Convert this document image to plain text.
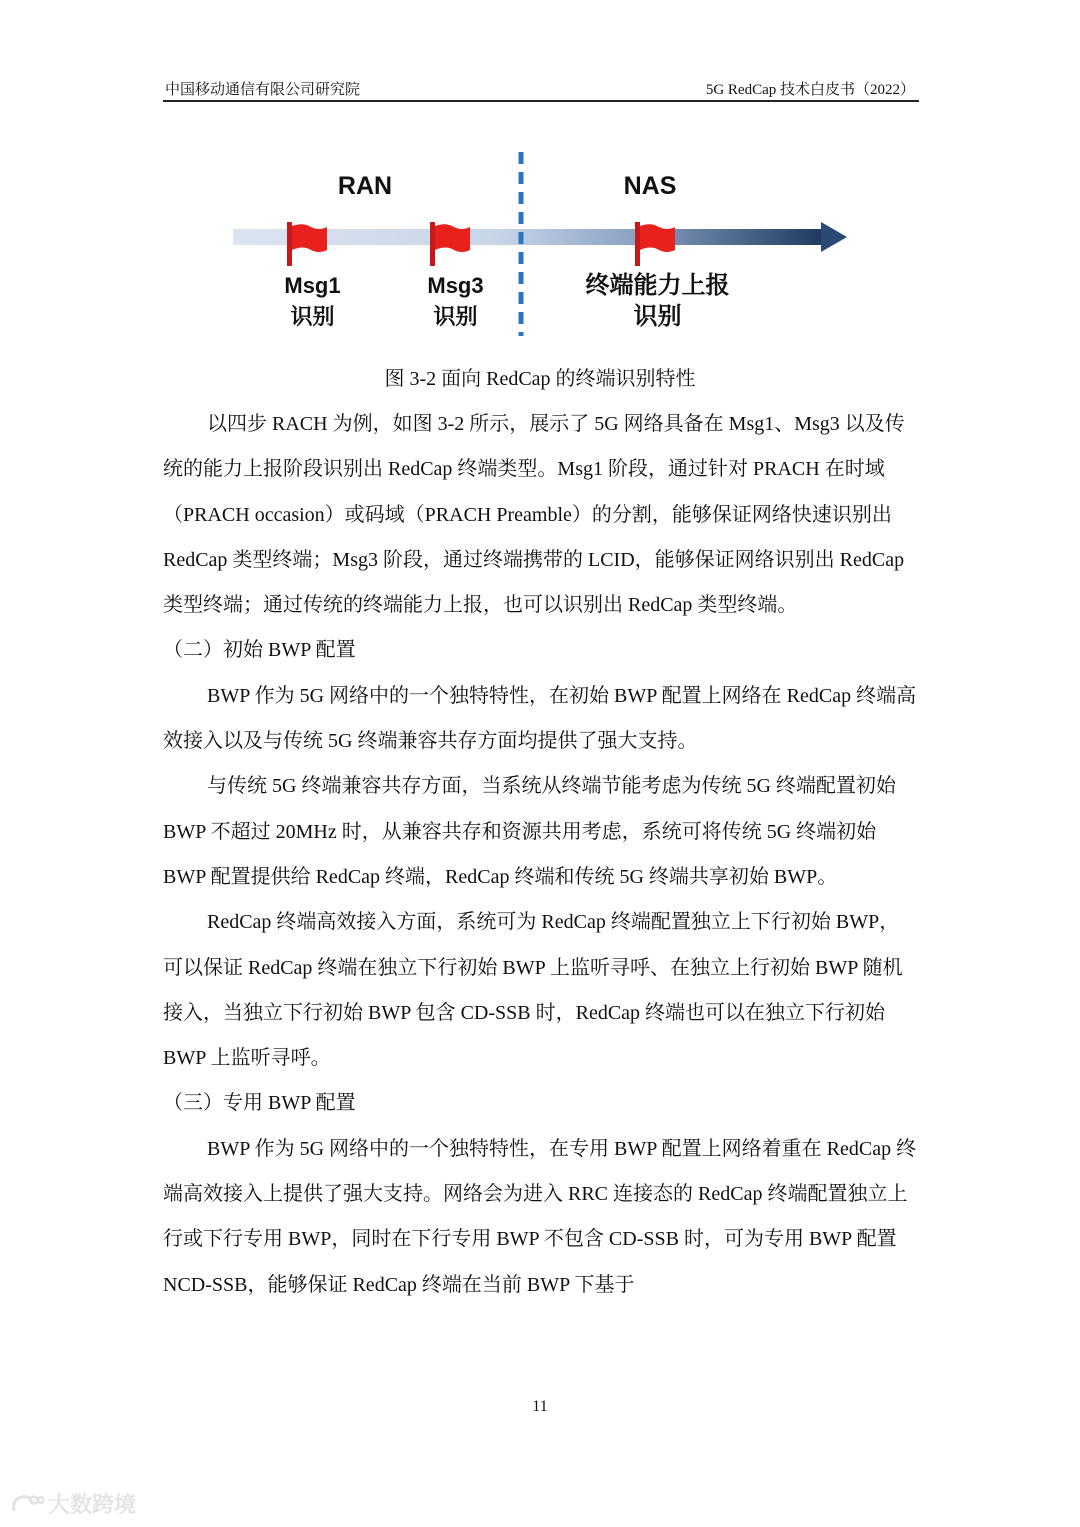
中国移动通信有限公司研究院	5G RedCap 技术白皮书（2022）
RAN	NAS
Msg1
识别
Msg3
识别
终端能力上报
识别
图 3-2 面向 RedCap 的终端识别特性

以四步 RACH 为例，如图 3-2 所示，展示了 5G 网络具备在 Msg1、Msg3 以及传统的能力上报阶段识别出 RedCap 终端类型。Msg1 阶段，通过针对 PRACH 在时域（PRACH occasion）或码域（PRACH Preamble）的分割，能够保证网络快速识别出 RedCap 类型终端；Msg3 阶段，通过终端携带的 LCID，能够保证网络识别出 RedCap 类型终端；通过传统的终端能力上报，也可以识别出 RedCap 类型终端。

（二）初始 BWP 配置

BWP 作为 5G 网络中的一个独特特性，在初始 BWP 配置上网络在 RedCap 终端高效接入以及与传统 5G 终端兼容共存方面均提供了强大支持。

与传统 5G 终端兼容共存方面，当系统从终端节能考虑为传统 5G 终端配置初始 BWP 不超过 20MHz 时，从兼容共存和资源共用考虑，系统可将传统 5G 终端初始 BWP 配置提供给 RedCap 终端，RedCap 终端和传统 5G 终端共享初始 BWP。

RedCap 终端高效接入方面，系统可为 RedCap 终端配置独立上下行初始 BWP，可以保证 RedCap 终端在独立下行初始 BWP 上监听寻呼、在独立上行初始 BWP 随机接入，当独立下行初始 BWP 包含 CD-SSB 时，RedCap 终端也可以在独立下行初始 BWP 上监听寻呼。

（三）专用 BWP 配置

BWP 作为 5G 网络中的一个独特特性，在专用 BWP 配置上网络着重在 RedCap 终端高效接入上提供了强大支持。网络会为进入 RRC 连接态的 RedCap 终端配置独立上行或下行专用 BWP，同时在下行专用 BWP 不包含 CD-SSB 时，可为专用 BWP 配置 NCD-SSB，能够保证 RedCap 终端在当前 BWP 下基于

11
大数跨境
